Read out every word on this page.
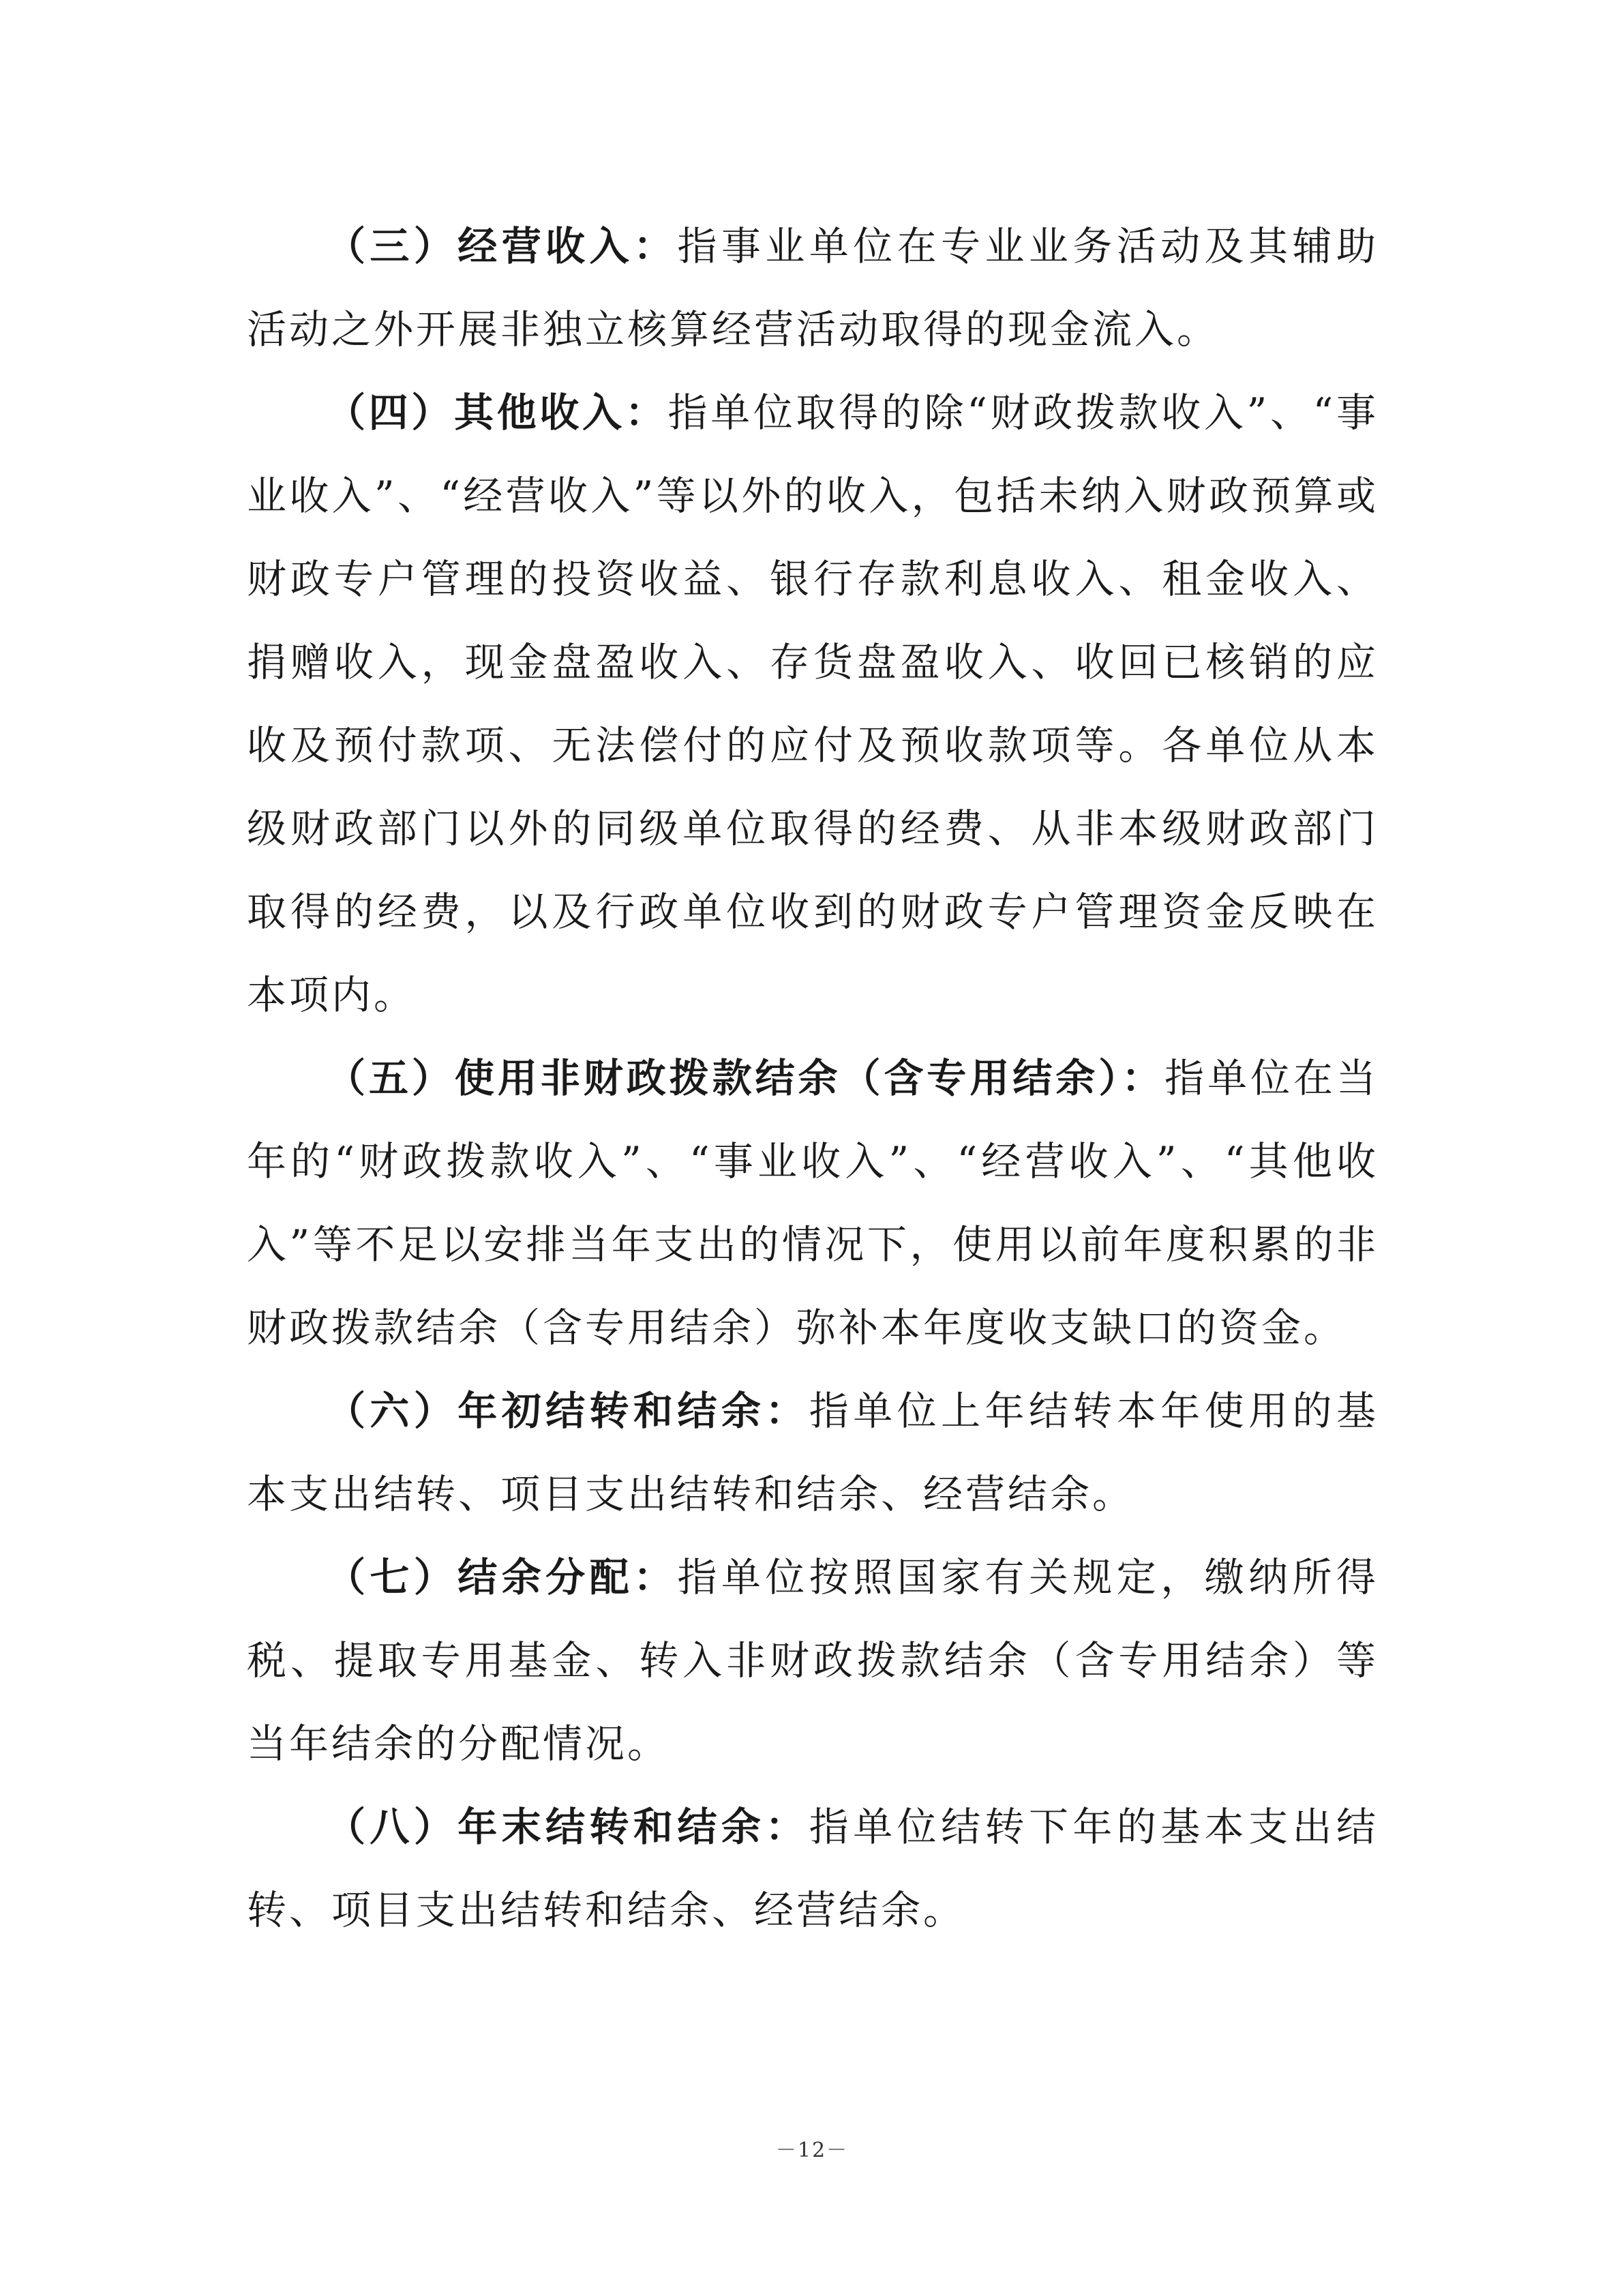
（三）经营收入：指事业单位在专业业务活动及其辅助活动之外开展非独立核算经营活动取得的现金流入。

（四）其他收入：指单位取得的除“财政拨款收入”、“事业收入”、“经营收入”等以外的收入，包括未纳入财政预算或财政专户管理的投资收益、银行存款利息收入、租金收入、捐赠收入，现金盘盈收入、存货盘盈收入、收回已核销的应收及预付款项、无法偿付的应付及预收款项等。各单位从本级财政部门以外的同级单位取得的经费、从非本级财政部门取得的经费，以及行政单位收到的财政专户管理资金反映在本项内。

（五）使用非财政拨款结余（含专用结余）：指单位在当年的“财政拨款收入”、“事业收入”、“经营收入”、“其他收入”等不足以安排当年支出的情况下，使用以前年度积累的非财政拨款结余（含专用结余）弥补本年度收支缺口的资金。

（六）年初结转和结余：指单位上年结转本年使用的基本支出结转、项目支出结转和结余、经营结余。

（七）结余分配：指单位按照国家有关规定，缴纳所得税、提取专用基金、转入非财政拨款结余（含专用结余）等当年结余的分配情况。

（八）年末结转和结余：指单位结转下年的基本支出结转、项目支出结转和结余、经营结余。

－12－
